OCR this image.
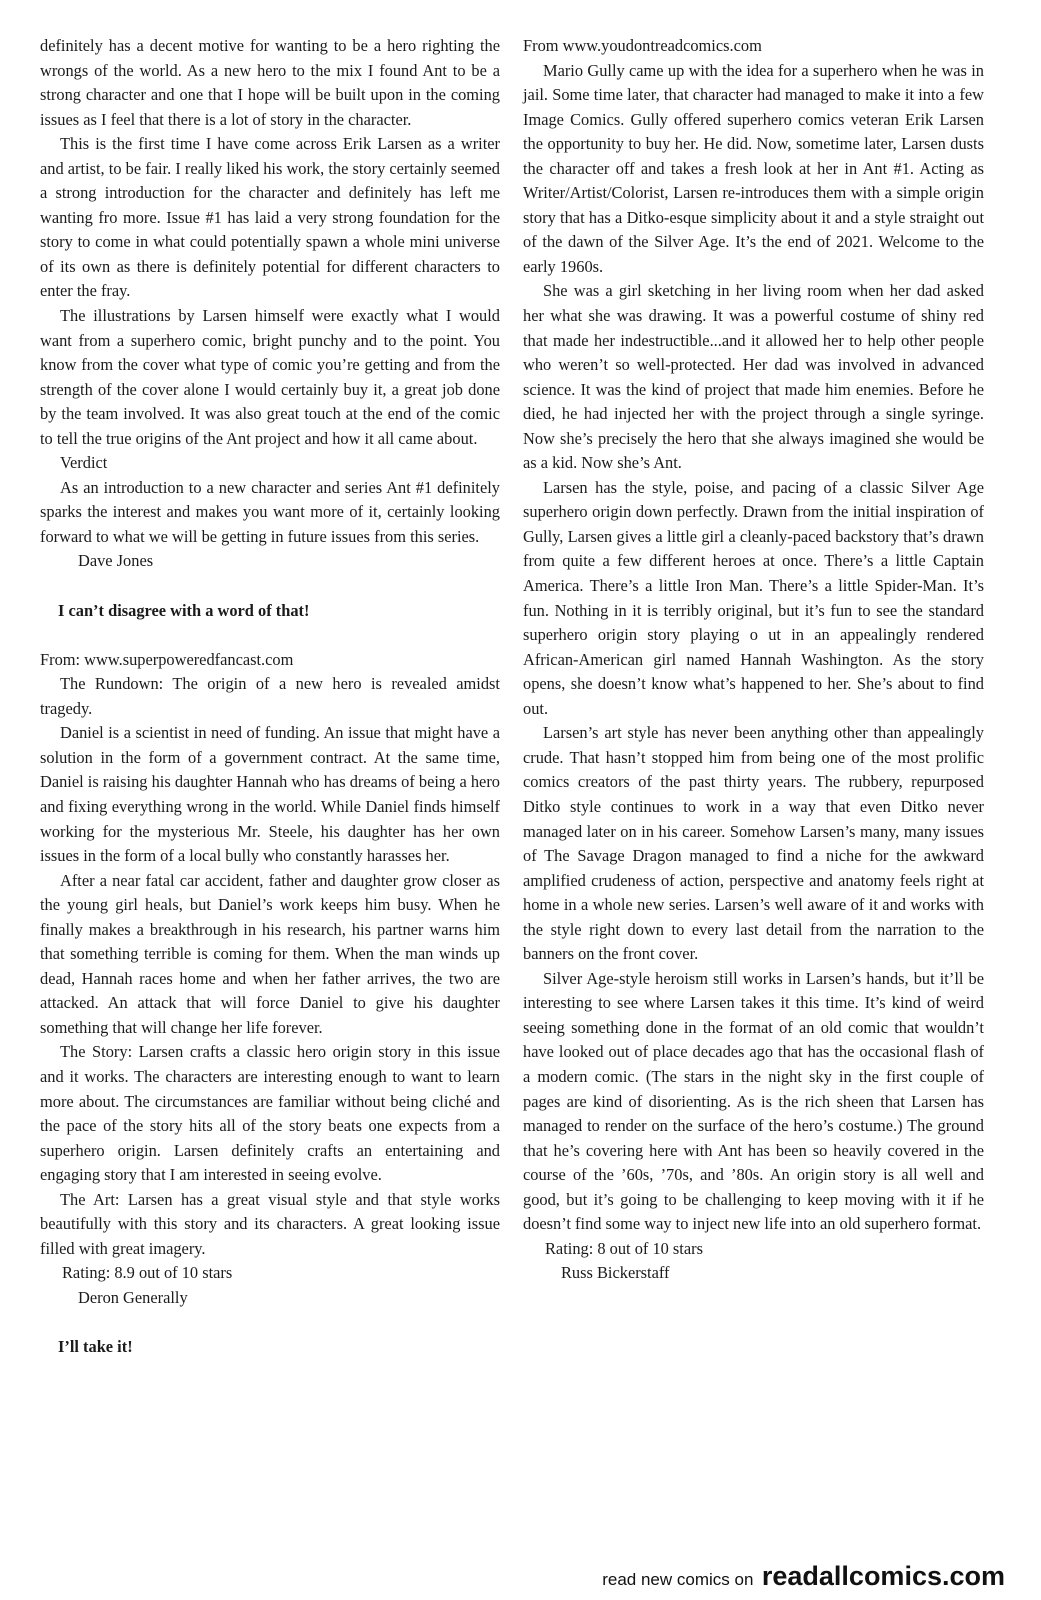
definitely has a decent motive for wanting to be a hero righting the wrongs of the world. As a new hero to the mix I found Ant to be a strong character and one that I hope will be built upon in the coming issues as I feel that there is a lot of story in the character.

This is the first time I have come across Erik Larsen as a writer and artist, to be fair. I really liked his work, the story certainly seemed a strong introduction for the character and definitely has left me wanting fro more. Issue #1 has laid a very strong foundation for the story to come in what could potentially spawn a whole mini universe of its own as there is definitely potential for different characters to enter the fray.

The illustrations by Larsen himself were exactly what I would want from a superhero comic, bright punchy and to the point. You know from the cover what type of comic you’re getting and from the strength of the cover alone I would certainly buy it, a great job done by the team involved. It was also great touch at the end of the comic to tell the true origins of the Ant project and how it all came about.

Verdict

As an introduction to a new character and series Ant #1 definitely sparks the interest and makes you want more of it, certainly looking forward to what we will be getting in future issues from this series.

Dave Jones

I can’t disagree with a word of that!

From: www.superpoweredfancast.com

The Rundown: The origin of a new hero is revealed amidst tragedy.

Daniel is a scientist in need of funding. An issue that might have a solution in the form of a government contract. At the same time, Daniel is raising his daughter Hannah who has dreams of being a hero and fixing everything wrong in the world. While Daniel finds himself working for the mysterious Mr. Steele, his daughter has her own issues in the form of a local bully who constantly harasses her.

After a near fatal car accident, father and daughter grow closer as the young girl heals, but Daniel’s work keeps him busy. When he finally makes a breakthrough in his research, his partner warns him that something terrible is coming for them. When the man winds up dead, Hannah races home and when her father arrives, the two are attacked. An attack that will force Daniel to give his daughter something that will change her life forever.

The Story: Larsen crafts a classic hero origin story in this issue and it works. The characters are interesting enough to want to learn more about. The circumstances are familiar without being cliché and the pace of the story hits all of the story beats one expects from a superhero origin. Larsen definitely crafts an entertaining and engaging story that I am interested in seeing evolve.

The Art: Larsen has a great visual style and that style works beautifully with this story and its characters. A great looking issue filled with great imagery.

Rating: 8.9 out of 10 stars

Deron Generally

I’ll take it!

From www.youdontreadcomics.com

Mario Gully came up with the idea for a superhero when he was in jail. Some time later, that character had managed to make it into a few Image Comics. Gully offered superhero comics veteran Erik Larsen the opportunity to buy her. He did. Now, sometime later, Larsen dusts the character off and takes a fresh look at her in Ant #1. Acting as Writer/Artist/Colorist, Larsen re-introduces them with a simple origin story that has a Ditko-esque simplicity about it and a style straight out of the dawn of the Silver Age. It’s the end of 2021. Welcome to the early 1960s.

She was a girl sketching in her living room when her dad asked her what she was drawing. It was a powerful costume of shiny red that made her indestructible...and it allowed her to help other people who weren’t so well-protected. Her dad was involved in advanced science. It was the kind of project that made him enemies. Before he died, he had injected her with the project through a single syringe. Now she’s precisely the hero that she always imagined she would be as a kid. Now she’s Ant.

Larsen has the style, poise, and pacing of a classic Silver Age superhero origin down perfectly. Drawn from the initial inspiration of Gully, Larsen gives a little girl a cleanly-paced backstory that’s drawn from quite a few different heroes at once. There’s a little Captain America. There’s a little Iron Man. There’s a little Spider-Man. It’s fun. Nothing in it is terribly original, but it’s fun to see the standard superhero origin story playing o ut in an appealingly rendered African-American girl named Hannah Washington. As the story opens, she doesn’t know what’s happened to her. She’s about to find out.

Larsen’s art style has never been anything other than appealingly crude. That hasn’t stopped him from being one of the most prolific comics creators of the past thirty years. The rubbery, repurposed Ditko style continues to work in a way that even Ditko never managed later on in his career. Somehow Larsen’s many, many issues of The Savage Dragon managed to find a niche for the awkward amplified crudeness of action, perspective and anatomy feels right at home in a whole new series. Larsen’s well aware of it and works with the style right down to every last detail from the narration to the banners on the front cover.

Silver Age-style heroism still works in Larsen’s hands, but it’ll be interesting to see where Larsen takes it this time. It’s kind of weird seeing something done in the format of an old comic that wouldn’t have looked out of place decades ago that has the occasional flash of a modern comic. (The stars in the night sky in the first couple of pages are kind of disorienting. As is the rich sheen that Larsen has managed to render on the surface of the hero’s costume.) The ground that he’s covering here with Ant has been so heavily covered in the course of the ’60s, ’70s, and ’80s. An origin story is all well and good, but it’s going to be challenging to keep moving with it if he doesn’t find some way to inject new life into an old superhero format.

Rating: 8 out of 10 stars

Russ Bickerstaff

read new comics on readallcomics.com
